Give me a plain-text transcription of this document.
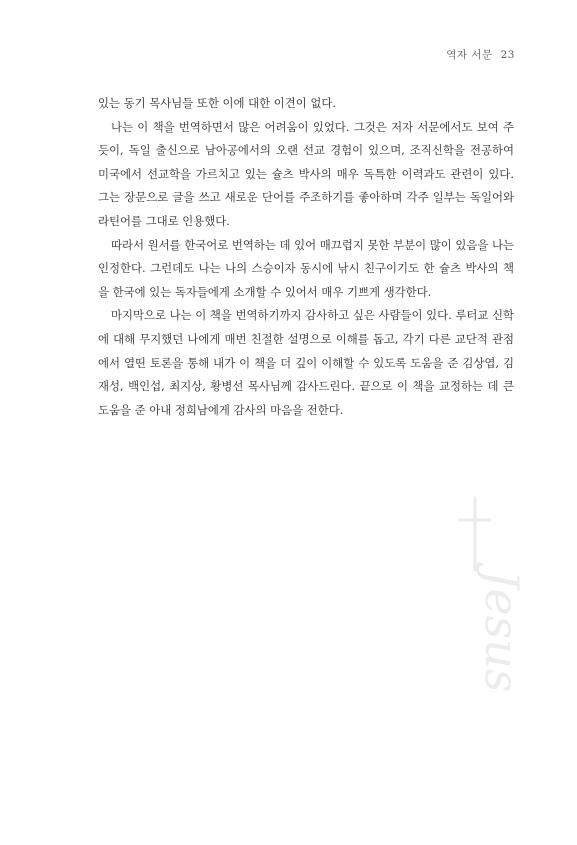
역자 서문 23

있는 동기 목사님들 또한 이에 대한 이견이 없다.

나는 이 책을 번역하면서 많은 어려움이 있었다. 그것은 저자 서문에서도 보여 주듯이, 독일 출신으로 남아공에서의 오랜 선교 경험이 있으며, 조직신학을 전공하여 미국에서 선교학을 가르치고 있는 슐츠 박사의 매우 독특한 이력과도 관련이 있다. 그는 장문으로 글을 쓰고 새로운 단어를 주조하기를 좋아하며 각주 일부는 독일어와 라틴어를 그대로 인용했다.

따라서 원서를 한국어로 번역하는 데 있어 매끄럽지 못한 부분이 많이 있음을 나는 인정한다. 그런데도 나는 나의 스승이자 동시에 낚시 친구이기도 한 슐츠 박사의 책을 한국에 있는 독자들에게 소개할 수 있어서 매우 기쁘게 생각한다.

마지막으로 나는 이 책을 번역하기까지 감사하고 싶은 사람들이 있다. 루터교 신학에 대해 무지했던 나에게 매번 친절한 설명으로 이해를 돕고, 각기 다른 교단적 관점에서 열띤 토론을 통해 내가 이 책을 더 깊이 이해할 수 있도록 도움을 준 김상엽, 김재성, 백인섭, 최지상, 황병선 목사님께 감사드린다. 끝으로 이 책을 교정하는 데 큰 도움을 준 아내 정희남에게 감사의 마음을 전한다.

Jesus
